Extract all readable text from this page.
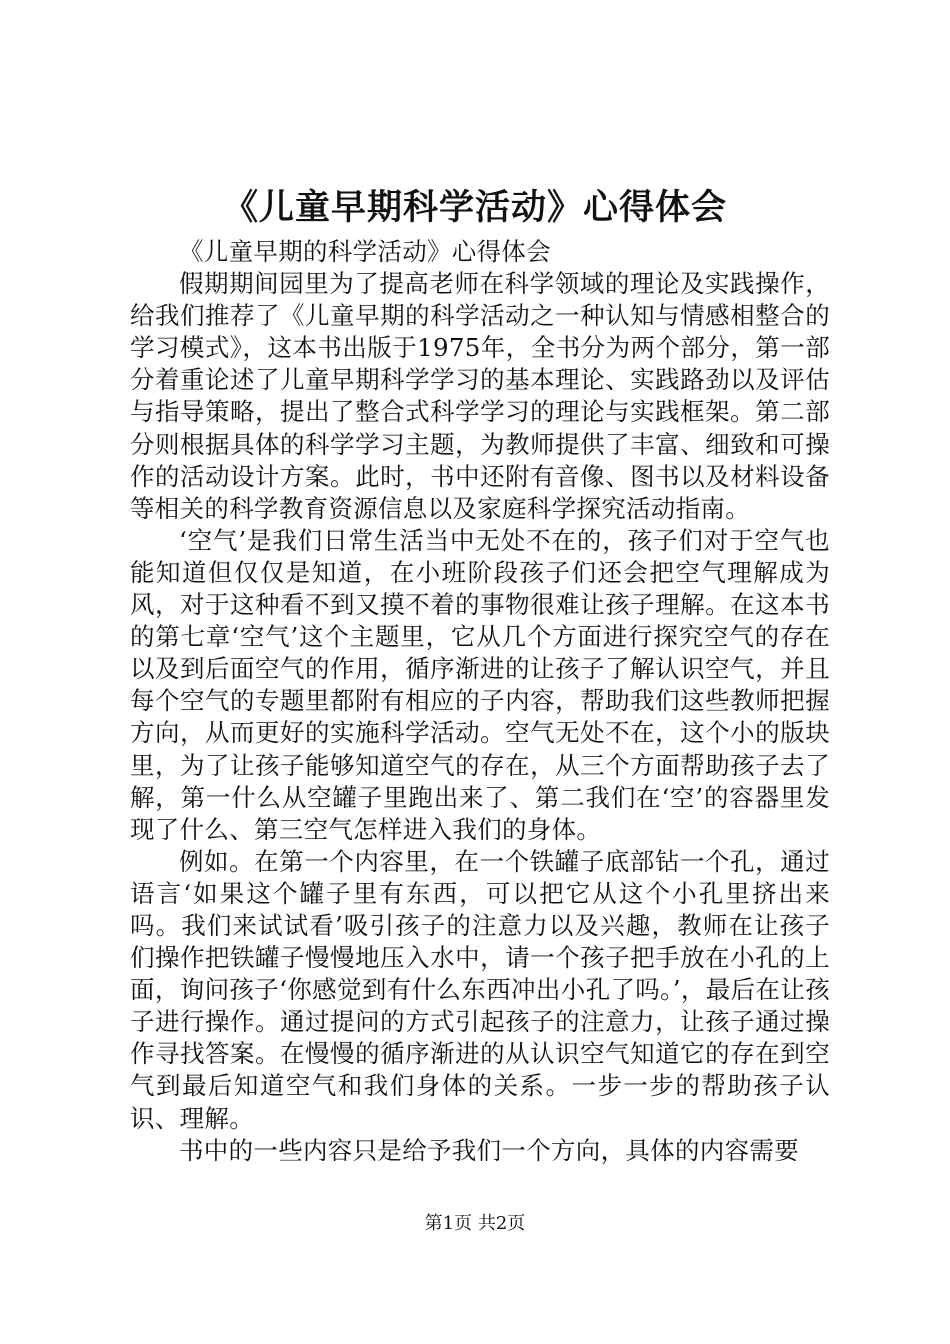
《儿童早期科学活动》心得体会

《儿童早期的科学活动》心得体会

假期期间园里为了提高老师在科学领域的理论及实践操作，给我们推荐了《儿童早期的科学活动之一种认知与情感相整合的学习模式》，这本书出版于1975年，全书分为两个部分，第一部分着重论述了儿童早期科学学习的基本理论、实践路劲以及评估与指导策略，提出了整合式科学学习的理论与实践框架。第二部分则根据具体的科学学习主题，为教师提供了丰富、细致和可操作的活动设计方案。此时，书中还附有音像、图书以及材料设备等相关的科学教育资源信息以及家庭科学探究活动指南。

‘空气’是我们日常生活当中无处不在的，孩子们对于空气也能知道但仅仅是知道，在小班阶段孩子们还会把空气理解成为风，对于这种看不到又摸不着的事物很难让孩子理解。在这本书的第七章‘空气’这个主题里，它从几个方面进行探究空气的存在以及到后面空气的作用，循序渐进的让孩子了解认识空气，并且每个空气的专题里都附有相应的子内容，帮助我们这些教师把握方向，从而更好的实施科学活动。空气无处不在，这个小的版块里，为了让孩子能够知道空气的存在，从三个方面帮助孩子去了解，第一什么从空罐子里跑出来了、第二我们在‘空’的容器里发现了什么、第三空气怎样进入我们的身体。

例如。在第一个内容里，在一个铁罐子底部钻一个孔，通过语言‘如果这个罐子里有东西，可以把它从这个小孔里挤出来吗。我们来试试看’吸引孩子的注意力以及兴趣，教师在让孩子们操作把铁罐子慢慢地压入水中，请一个孩子把手放在小孔的上面，询问孩子‘你感觉到有什么东西冲出小孔了吗。’，最后在让孩子进行操作。通过提问的方式引起孩子的注意力，让孩子通过操作寻找答案。在慢慢的循序渐进的从认识空气知道它的存在到空气到最后知道空气和我们身体的关系。一步一步的帮助孩子认识、理解。

书中的一些内容只是给予我们一个方向，具体的内容需要

第1页 共2页
